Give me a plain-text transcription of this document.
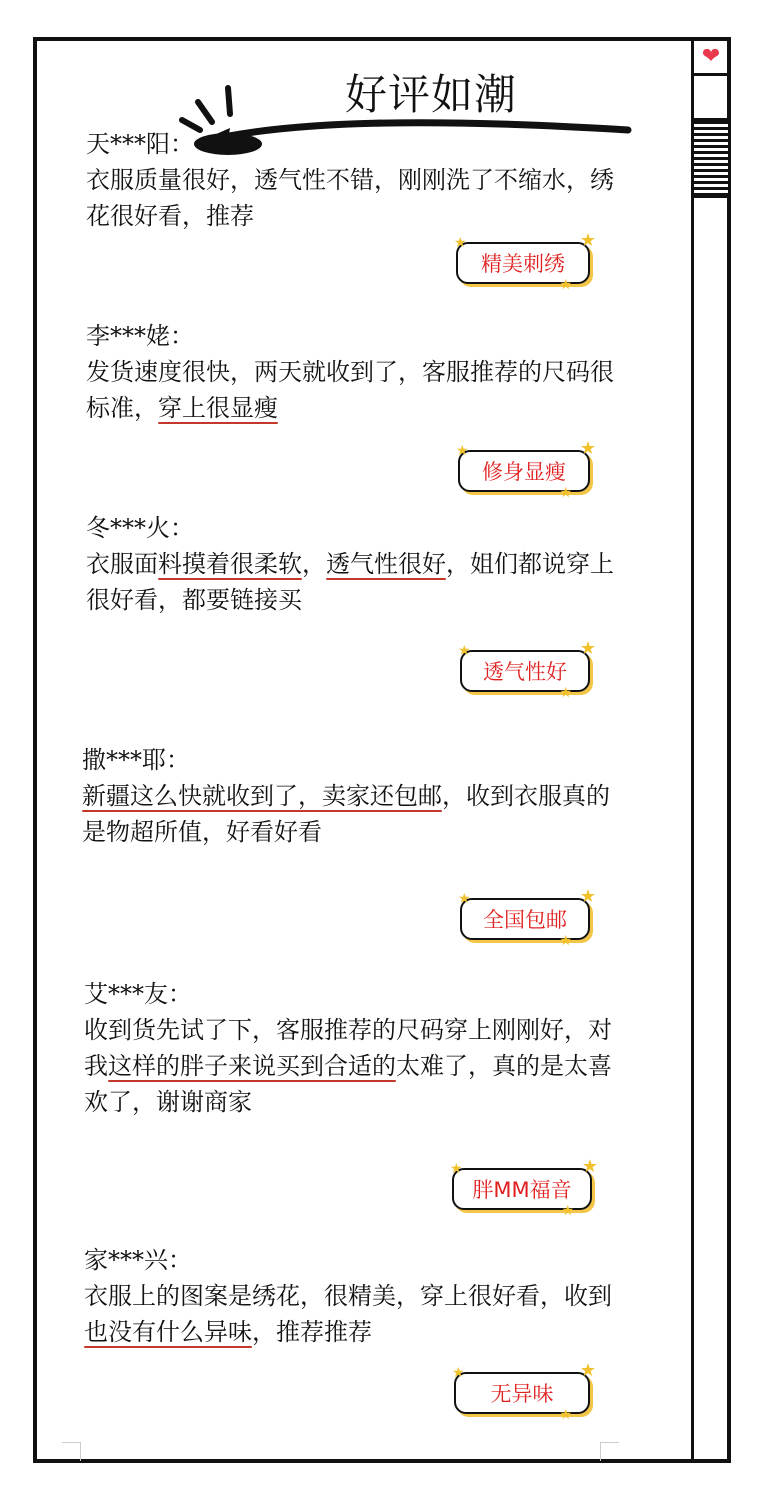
❤
好评如潮
天***阳：
衣服质量很好，透气性不错，刚刚洗了不缩水，绣花很好看，推荐
★	★
★
精美刺绣
李***姥：
发货速度很快，两天就收到了，客服推荐的尺码很标准，穿上很显瘦
★	★
★
修身显瘦
冬***火：
衣服面料摸着很柔软，透气性很好，姐们都说穿上很好看，都要链接买
★	★
★
透气性好
撒***耶：
新疆这么快就收到了，卖家还包邮，收到衣服真的是物超所值，好看好看
★	★
★
全国包邮
艾***友：
收到货先试了下，客服推荐的尺码穿上刚刚好，对我这样的胖子来说买到合适的太难了，真的是太喜欢了，谢谢商家
★	★
★
胖MM福音
家***兴：
衣服上的图案是绣花，很精美，穿上很好看，收到也没有什么异味，推荐推荐
★	★
★
无异味
